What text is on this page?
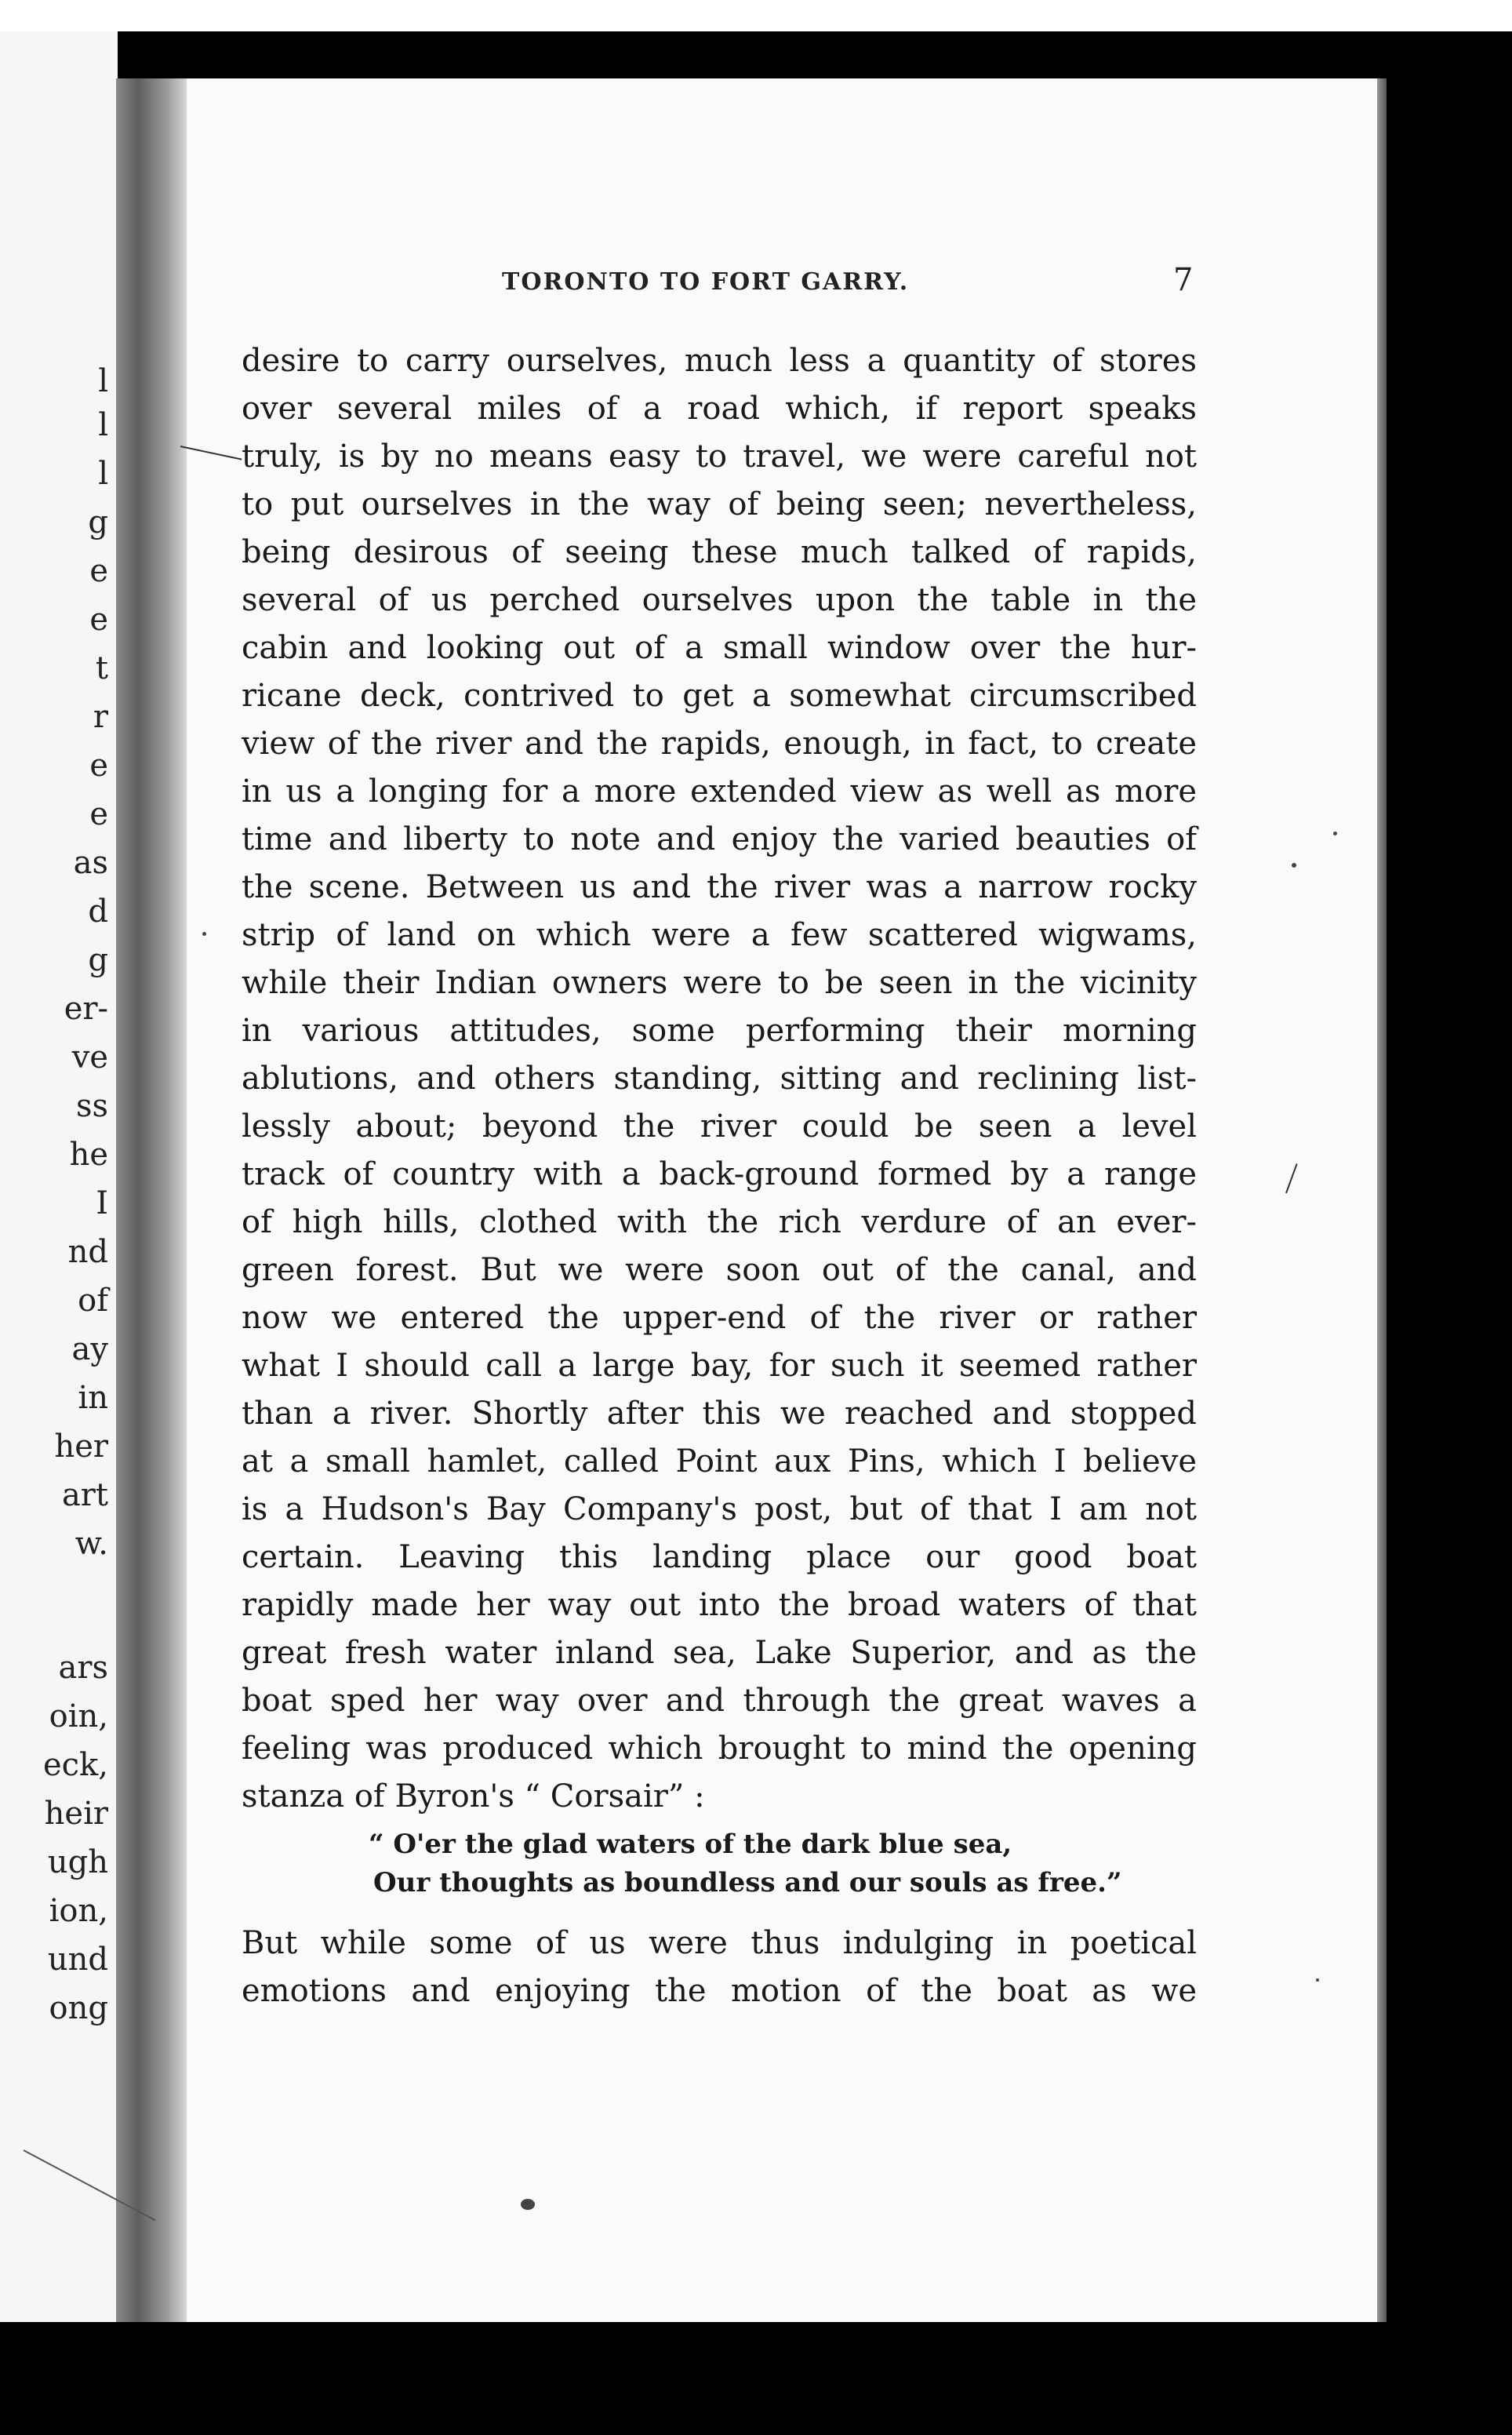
l
l
l
g
e
e
t
r
e
e
as
d
g
er-
ve
ss
he
I
nd
of
ay
in
her
art
w.
ars
oin,
eck,
heir
ugh
ion,
und
ong
TORONTO TO FORT GARRY.	7
desire to carry ourselves, much less a quantity of stores
over several miles of a road which, if report speaks
truly, is by no means easy to travel, we were careful not
to put ourselves in the way of being seen; nevertheless,
being desirous of seeing these much talked of rapids,
several of us perched ourselves upon the table in the
cabin and looking out of a small window over the hur-
ricane deck, contrived to get a somewhat circumscribed
view of the river and the rapids, enough, in fact, to create
in us a longing for a more extended view as well as more
time and liberty to note and enjoy the varied beauties of
the scene. Between us and the river was a narrow rocky
strip of land on which were a few scattered wigwams,
while their Indian owners were to be seen in the vicinity
in various attitudes, some performing their morning
ablutions, and others standing, sitting and reclining list-
lessly about; beyond the river could be seen a level
track of country with a back-ground formed by a range
of high hills, clothed with the rich verdure of an ever-
green forest. But we were soon out of the canal, and
now we entered the upper-end of the river or rather
what I should call a large bay, for such it seemed rather
than a river. Shortly after this we reached and stopped
at a small hamlet, called Point aux Pins, which I believe
is a Hudson's Bay Company's post, but of that I am not
certain. Leaving this landing place our good boat
rapidly made her way out into the broad waters of that
great fresh water inland sea, Lake Superior, and as the
boat sped her way over and through the great waves a
feeling was produced which brought to mind the opening
stanza of Byron's “ Corsair” :
“ O'er the glad waters of the dark blue sea,
Our thoughts as boundless and our souls as free.”
But while some of us were thus indulging in poetical
emotions and enjoying the motion of the boat as we
